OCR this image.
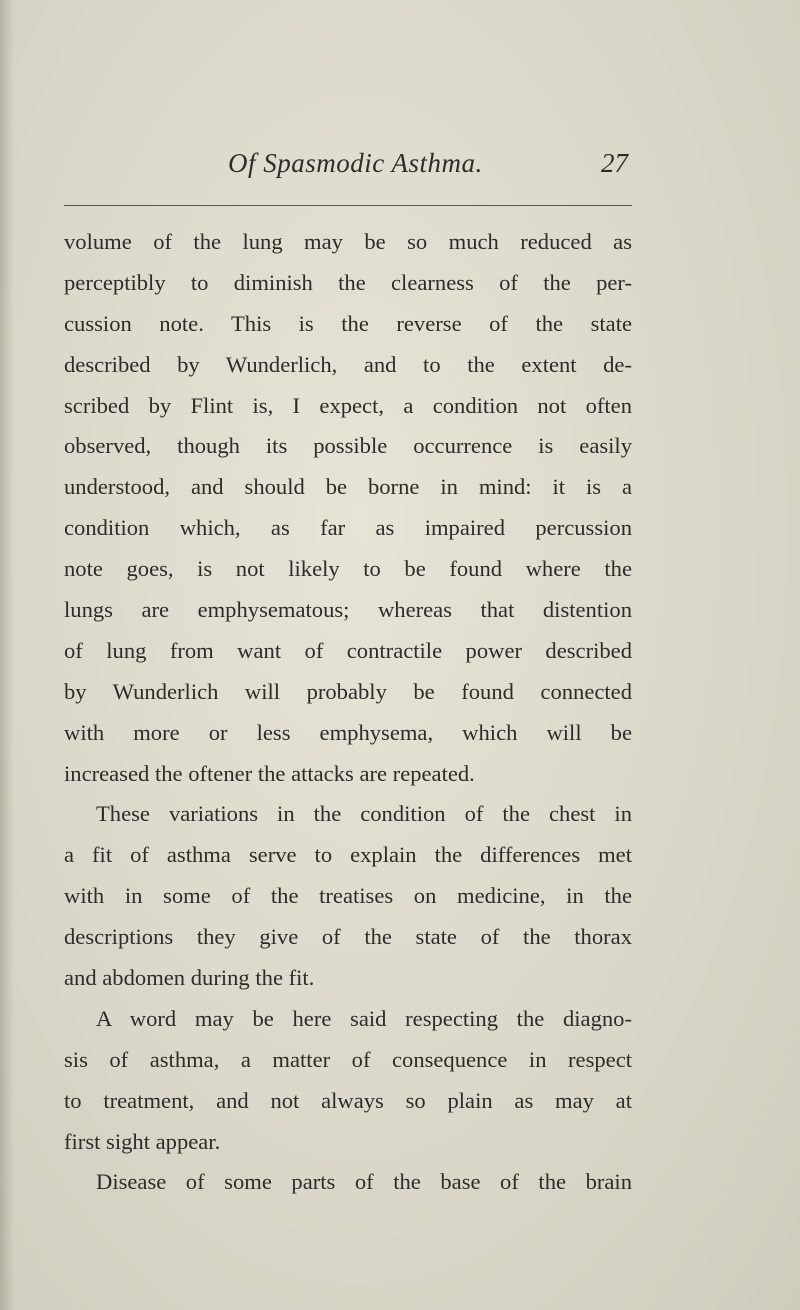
Of Spasmodic Asthma.	27
volume of the lung may be so much reduced as
perceptibly to diminish the clearness of the per-
cussion note. This is the reverse of the state
described by Wunderlich, and to the extent de-
scribed by Flint is, I expect, a condition not often
observed, though its possible occurrence is easily
understood, and should be borne in mind: it is a
condition which, as far as impaired percussion
note goes, is not likely to be found where the
lungs are emphysematous; whereas that distention
of lung from want of contractile power described
by Wunderlich will probably be found connected
with more or less emphysema, which will be
increased the oftener the attacks are repeated.
These variations in the condition of the chest in
a fit of asthma serve to explain the differences met
with in some of the treatises on medicine, in the
descriptions they give of the state of the thorax
and abdomen during the fit.
A word may be here said respecting the diagno-
sis of asthma, a matter of consequence in respect
to treatment, and not always so plain as may at
first sight appear.
Disease of some parts of the base of the brain
